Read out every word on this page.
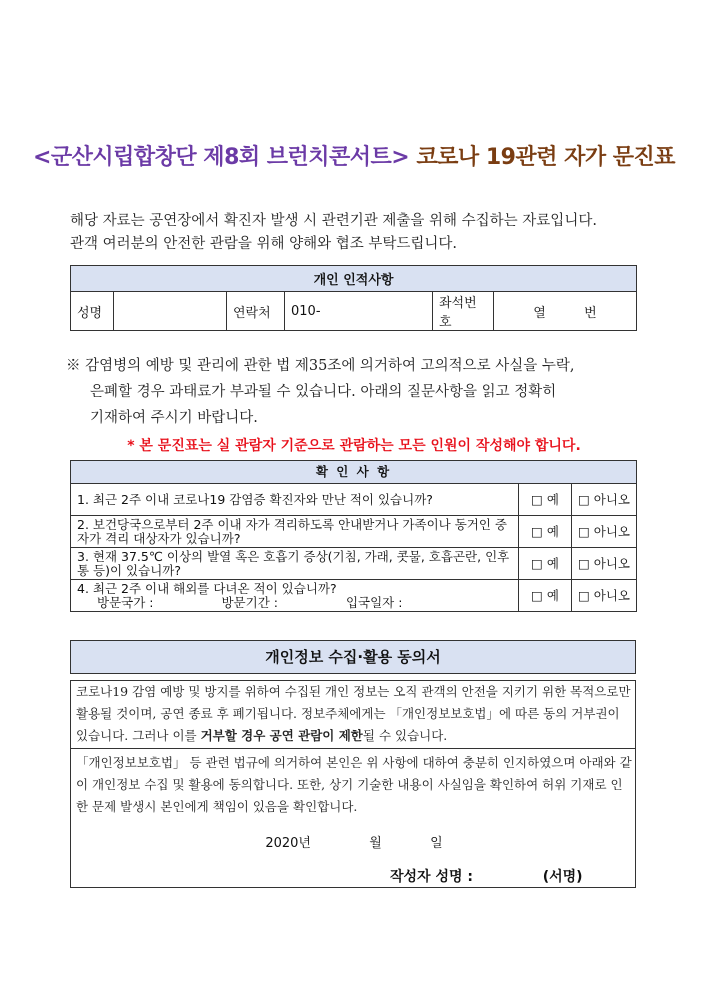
<군산시립합창단 제8회 브런치콘서트> 코로나 19관련 자가 문진표
해당 자료는 공연장에서 확진자 발생 시 관련기관 제출을 위해 수집하는 자료입니다.
관객 여러분의 안전한 관람을 위해 양해와 협조 부탁드립니다.
개인 인적사항
성명		연락처	010-	좌석번호	열	번
※ 감염병의 예방 및 관리에 관한 법 제35조에 의거하여 고의적으로 사실을 누락,
은폐할 경우 과태료가 부과될 수 있습니다. 아래의 질문사항을 읽고 정확히
기재하여 주시기 바랍니다.
* 본 문진표는 실 관람자 기준으로 관람하는 모든 인원이 작성해야 합니다.
확 인 사 항		
1. 최근 2주 이내 코로나19 감염증 확진자와 만난 적이 있습니까?	□ 예	□ 아니오
2. 보건당국으로부터 2주 이내 자가 격리하도록 안내받거나 가족이나 동거인 중 자가 격리 대상자가 있습니까?	□ 예	□ 아니오
3. 현재 37.5℃ 이상의 발열 혹은 호흡기 증상(기침, 가래, 콧물, 호흡곤란, 인후통 등)이 있습니까?	□ 예	□ 아니오

4. 최근 2주 이내 해외를 다녀온 적이 있습니까?
방문국가 : 방문기간 : 입국일자 :	□ 예	□ 아니오
개인정보 수집·활용 동의서
코로나19 감염 예방 및 방지를 위하여 수집된 개인 정보는 오직 관객의 안전을 지키기 위한 목적으로만 활용될 것이며, 공연 종료 후 폐기됩니다. 정보주체에게는 「개인정보보호법」에 따른 동의 거부권이 있습니다. 그러나 이를 거부할 경우 공연 관람이 제한될 수 있습니다.
「개인정보보호법」 등 관련 법규에 의거하여 본인은 위 사항에 대하여 충분히 인지하였으며 아래와 같이 개인정보 수집 및 활용에 동의합니다. 또한, 상기 기술한 내용이 사실임을 확인하여 허위 기재로 인한 문제 발생시 본인에게 책임이 있음을 확인합니다.
2020년	월	일
작성자 성명 :	(서명)
